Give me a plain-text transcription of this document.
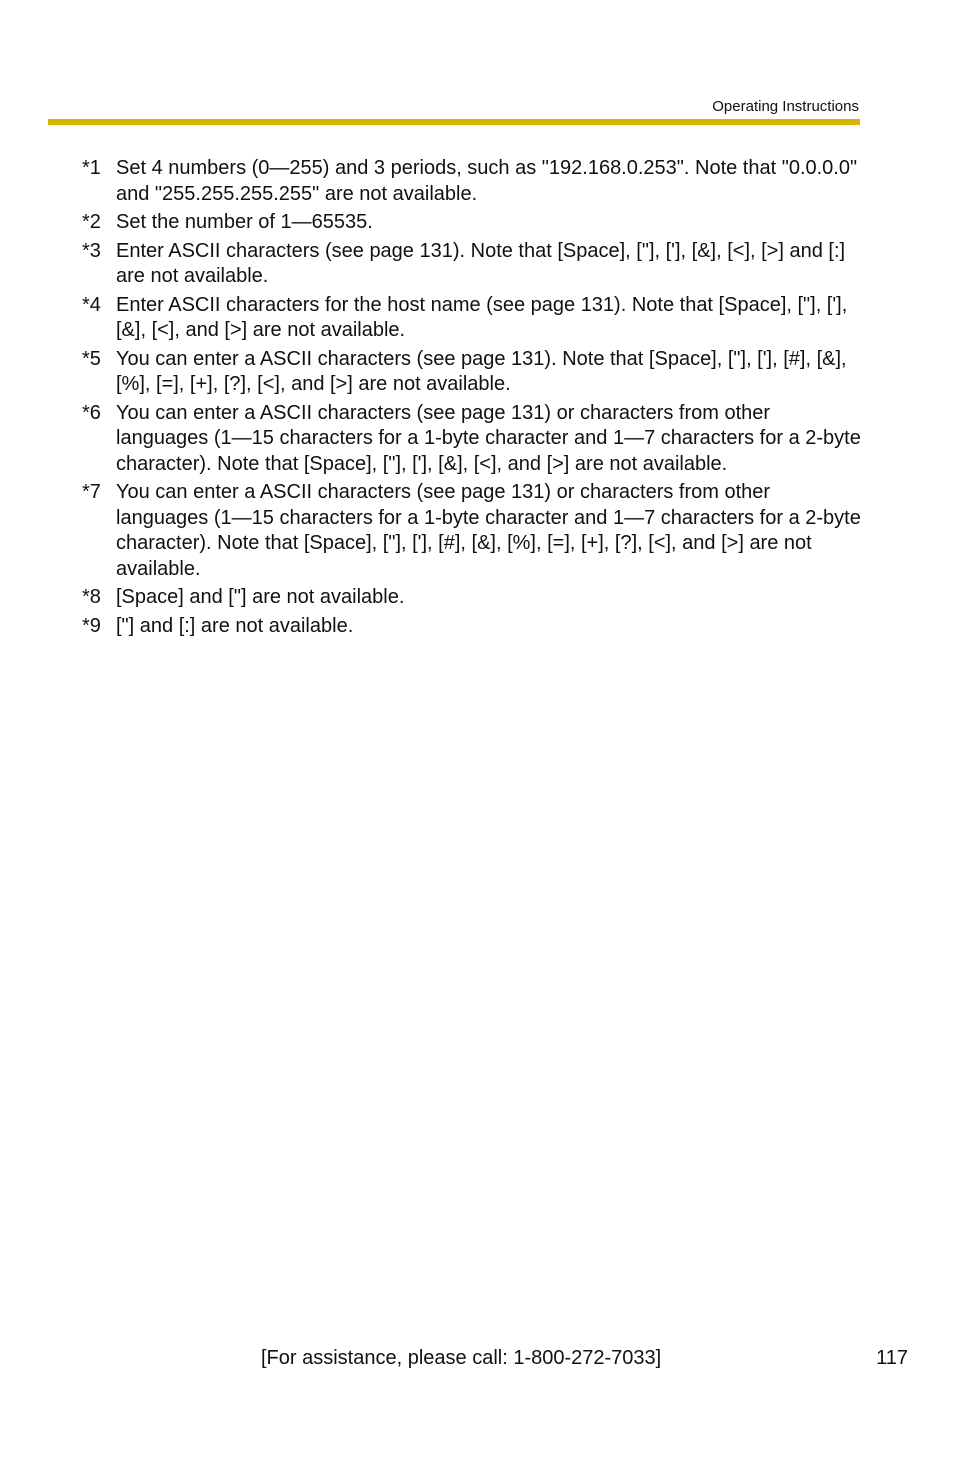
Operating Instructions
*1 Set 4 numbers (0—255) and 3 periods, such as "192.168.0.253". Note that "0.0.0.0" and "255.255.255.255" are not available.
*2 Set the number of 1—65535.
*3 Enter ASCII characters (see page 131). Note that [Space], ["], ['], [&], [<], [>] and [:] are not available.
*4 Enter ASCII characters for the host name (see page 131). Note that [Space], ["], ['], [&], [<], and [>] are not available.
*5 You can enter a ASCII characters (see page 131). Note that [Space], ["], ['], [#], [&], [%], [=], [+], [?], [<], and [>] are not available.
*6 You can enter a ASCII characters (see page 131) or characters from other languages (1—15 characters for a 1-byte character and 1—7 characters for a 2-byte character). Note that [Space], ["], ['], [&], [<], and [>] are not available.
*7 You can enter a ASCII characters (see page 131) or characters from other languages (1—15 characters for a 1-byte character and 1—7 characters for a 2-byte character). Note that [Space], ["], ['], [#], [&], [%], [=], [+], [?], [<], and [>] are not available.
*8 [Space] and ["] are not available.
*9 ["] and [:] are not available.
[For assistance, please call: 1-800-272-7033]	117
